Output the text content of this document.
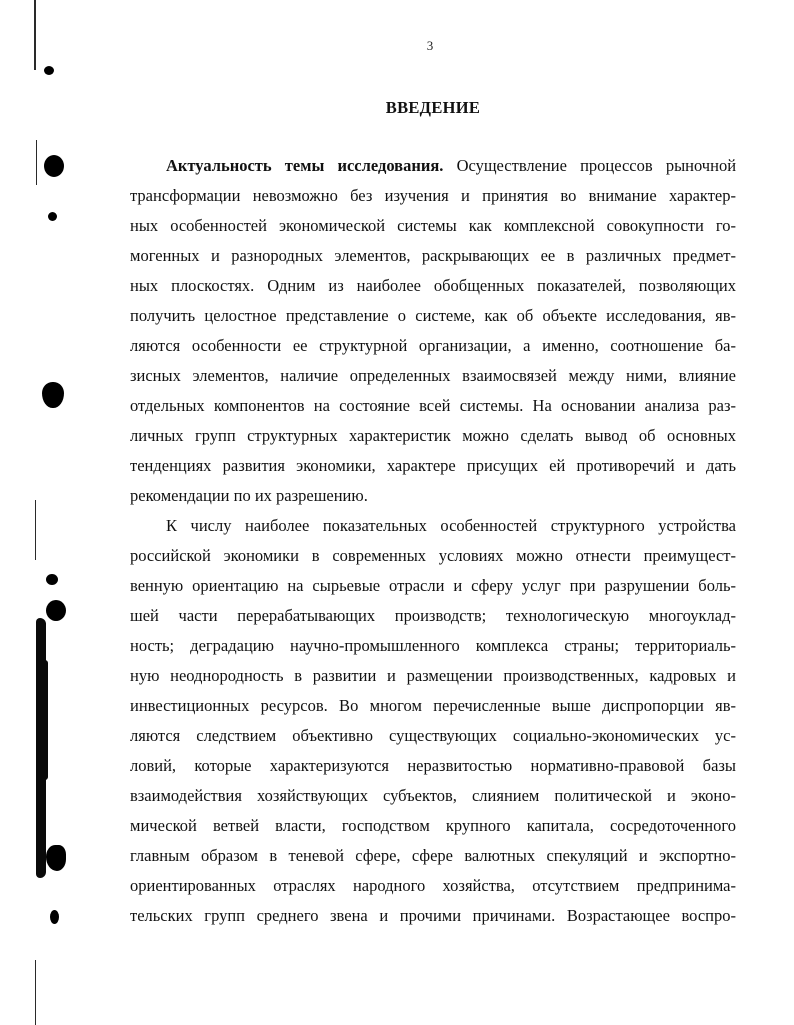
3
ВВЕДЕНИЕ
Актуальность темы исследования. Осуществление процессов рыночной
трансформации невозможно без изучения и принятия во внимание характер-
ных особенностей экономической системы как комплексной совокупности го-
могенных и разнородных элементов, раскрывающих ее в различных предмет-
ных плоскостях. Одним из наиболее обобщенных показателей, позволяющих
получить целостное представление о системе, как об объекте исследования, яв-
ляются особенности ее структурной организации, а именно, соотношение ба-
зисных элементов, наличие определенных взаимосвязей между ними, влияние
отдельных компонентов на состояние всей системы. На основании анализа раз-
личных групп структурных характеристик можно сделать вывод об основных
тенденциях развития экономики, характере присущих ей противоречий и дать
рекомендации по их разрешению.
К числу наиболее показательных особенностей структурного устройства
российской экономики в современных условиях можно отнести преимущест-
венную ориентацию на сырьевые отрасли и сферу услуг при разрушении боль-
шей части перерабатывающих производств; технологическую многоуклад-
ность; деградацию научно-промышленного комплекса страны; территориаль-
ную неоднородность в развитии и размещении производственных, кадровых и
инвестиционных ресурсов. Во многом перечисленные выше диспропорции яв-
ляются следствием объективно существующих социально-экономических ус-
ловий, которые характеризуются неразвитостью нормативно-правовой базы
взаимодействия хозяйствующих субъектов, слиянием политической и эконо-
мической ветвей власти, господством крупного капитала, сосредоточенного
главным образом в теневой сфере, сфере валютных спекуляций и экспортно-
ориентированных отраслях народного хозяйства, отсутствием предпринима-
тельских групп среднего звена и прочими причинами. Возрастающее воспро-
